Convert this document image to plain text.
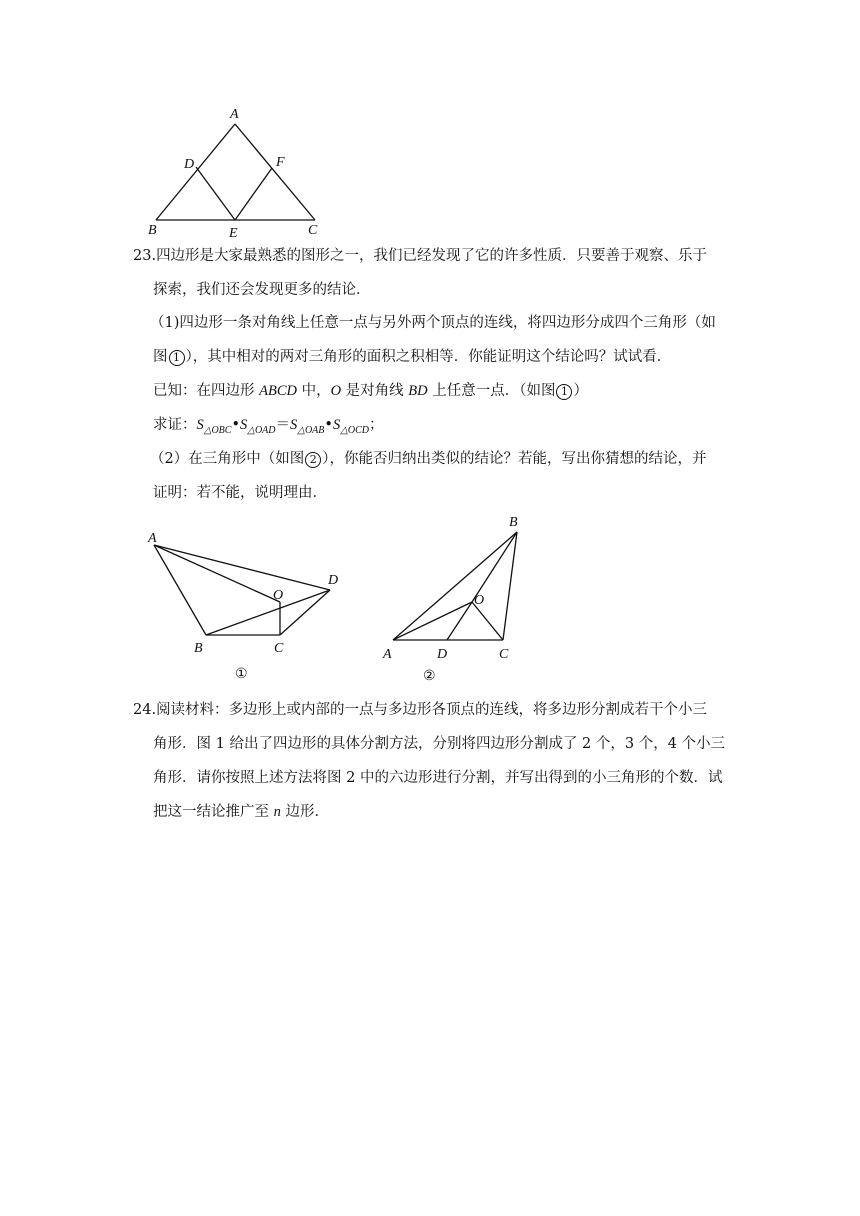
A
B	C
D
E
F
23.四边形是大家最熟悉的图形之一，我们已经发现了它的许多性质．只要善于观察、乐于
探索，我们还会发现更多的结论．
（1)四边形一条对角线上任意一点与另外两个顶点的连线，将四边形分成四个三角形（如
图 1 ），其中相对的两对三角形的面积之积相等．你能证明这个结论吗？试试看．
已知：在四边形 ABCD 中，O 是对角线 BD 上任意一点．（如图 1 ）
求证：$S_{\triangle OBC}•S_{\triangle OAD}=S_{\triangle OAB}•S_{\triangle OCD}$；
（2）在三角形中（如图 2 ），你能否归纳出类似的结论？若能，写出你猜想的结论，并
证明：若不能，说明理由．
A
D
O
B	C
①
B
O
A	D	C
②
24.阅读材料：多边形上或内部的一点与多边形各顶点的连线，将多边形分割成若干个小三
角形．图 1 给出了四边形的具体分割方法，分别将四边形分割成了 2 个，3 个，4 个小三
角形．请你按照上述方法将图 2 中的六边形进行分割，并写出得到的小三角形的个数．试
把这一结论推广至 n 边形．
